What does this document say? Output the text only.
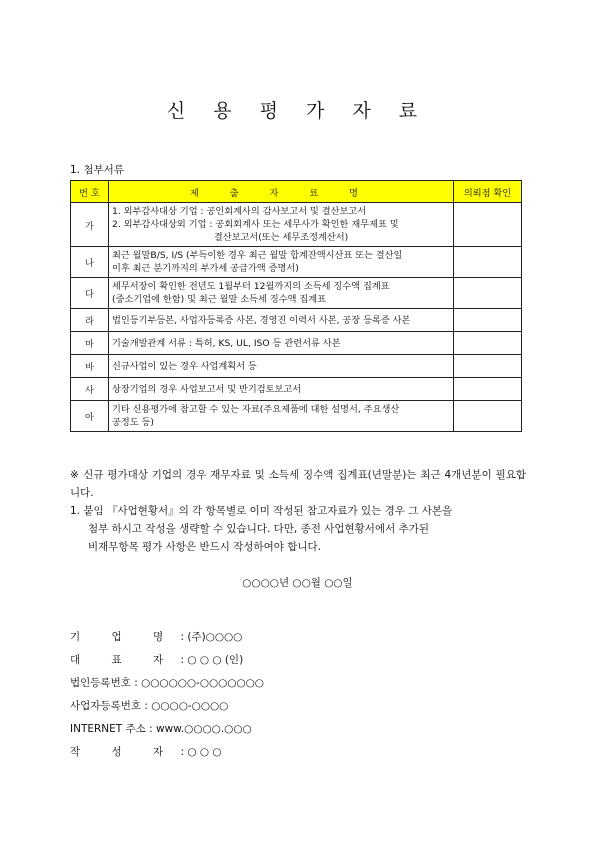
신 용 평 가 자 료
1. 첨부서류
번 호	제 출 자 료 명	의뢰점 확인
가	1. 외부감사대상 기업 : 공인회계사의 감사보고서 및 결산보고서
2. 외부감사대상외 기업 : 공회회계사 또는 세무사가 확인한 재무제표 및
결산보고서(또는 세무조정계산서)	

나	최근 월말B/S, I/S (부득이한 경우 최근 월말 합계잔액시산표 또는 결산일
이후 최근 분기까지의 부가세 공급가액 증명서)	

다	세무서장이 확인한 전년도 1월부터 12월까지의 소득세 징수액 집계표
(중소기업에 한함) 및 최근 월말 소득세 징수액 집계표	

라	법인등기부등본, 사업자등록증 사본, 경영진 이력서 사본, 공장 등록증 사본	
마	기술개발관계 서류 : 특허, KS, UL, ISO 등 관련서류 사본	
바	신규사업이 있는 경우 사업계획서 등	
사	상장기업의 경우 사업보고서 및 반기검토보고서	
아	기타 신용평가에 참고할 수 있는 자료(주요제품에 대한 설명서, 주요생산
공정도 등)	

※ 신규 평가대상 기업의 경우 재무자료 및 소득세 징수액 집계표(년말분)는 최근 4개년분이 필요합니다.

1. 붙임 『사업현황서』의 각 항목별로 이미 작성된 참고자료가 있는 경우 그 사본을

첨부 하시고 작성을 생략할 수 있습니다. 다만, 종전 사업현황서에서 추가된

비재무항목 평가 사항은 반드시 작성하여야 합니다.

○○○○년 ○○월 ○○일
기 업 명 : (주)○○○○
대 표 자 : ○ ○ ○ (인)
법인등록번호 : ○○○○○○-○○○○○○○
사업자등록번호 : ○○○○-○○○○
INTERNET 주소 : www.○○○○.○○○
작 성 자 : ○ ○ ○
